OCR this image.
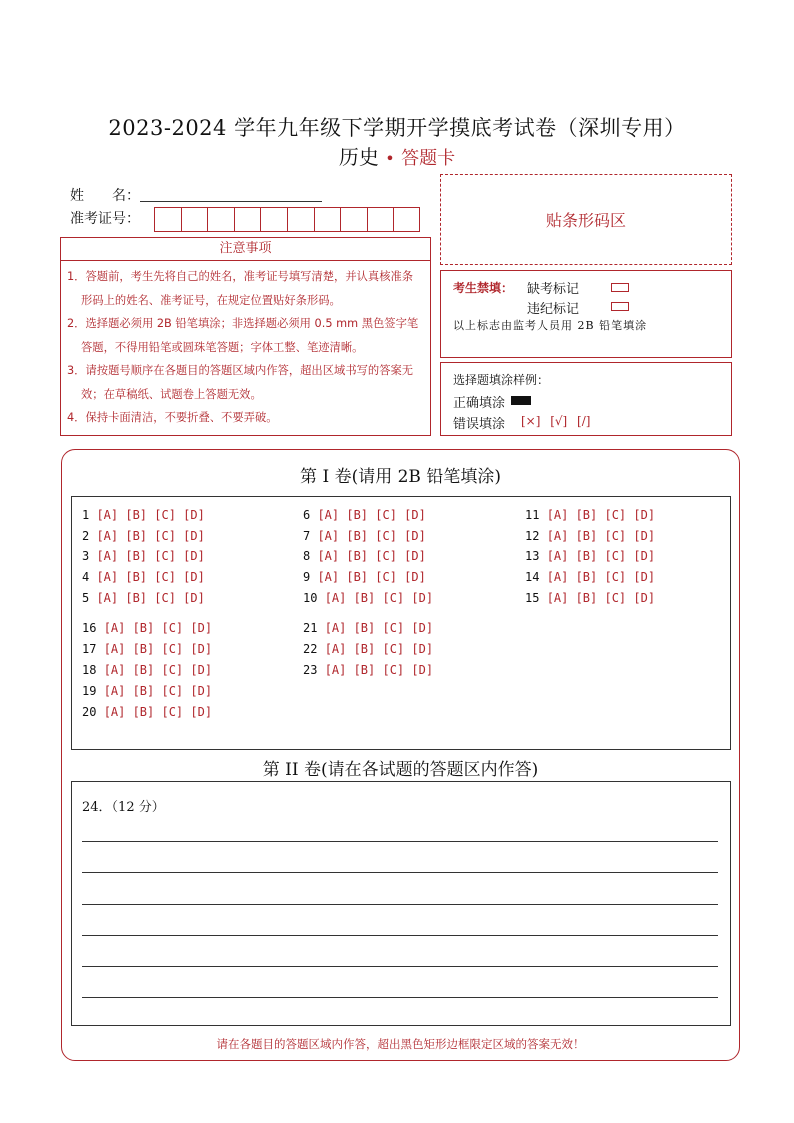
2023-2024 学年九年级下学期开学摸底考试卷（深圳专用）
历史 • 答题卡
姓　　名：
准考证号：	贴条形码区
注意事项
1．答题前，考生先将自己的姓名，准考证号填写清楚，并认真核准条形码上的姓名、准考证号，在规定位置贴好条形码。
2．选择题必须用 2B 铅笔填涂；非选择题必须用 0.5 mm 黑色签字笔答题，不得用铅笔或圆珠笔答题；字体工整、笔迹清晰。
3．请按题号顺序在各题目的答题区域内作答，超出区域书写的答案无效；在草稿纸、试题卷上答题无效。
4．保持卡面清洁，不要折叠、不要弄破。
考生禁填： 缺考标记
违纪标记
以上标志由监考人员用 2B 铅笔填涂
选择题填涂样例：
正确填涂
错误填涂 [×] [√] [/]
第 I 卷(请用 2B 铅笔填涂)
1 [A] [B] [C] [D]
2 [A] [B] [C] [D]
3 [A] [B] [C] [D]
4 [A] [B] [C] [D]
5 [A] [B] [C] [D]
6 [A] [B] [C] [D]
7 [A] [B] [C] [D]
8 [A] [B] [C] [D]
9 [A] [B] [C] [D]
10 [A] [B] [C] [D]
11 [A] [B] [C] [D]
12 [A] [B] [C] [D]
13 [A] [B] [C] [D]
14 [A] [B] [C] [D]
15 [A] [B] [C] [D]
16 [A] [B] [C] [D]
17 [A] [B] [C] [D]
18 [A] [B] [C] [D]
19 [A] [B] [C] [D]
20 [A] [B] [C] [D]
21 [A] [B] [C] [D]
22 [A] [B] [C] [D]
23 [A] [B] [C] [D]
第 II 卷(请在各试题的答题区内作答)
24．（12 分）
请在各题目的答题区域内作答，超出黑色矩形边框限定区域的答案无效！
